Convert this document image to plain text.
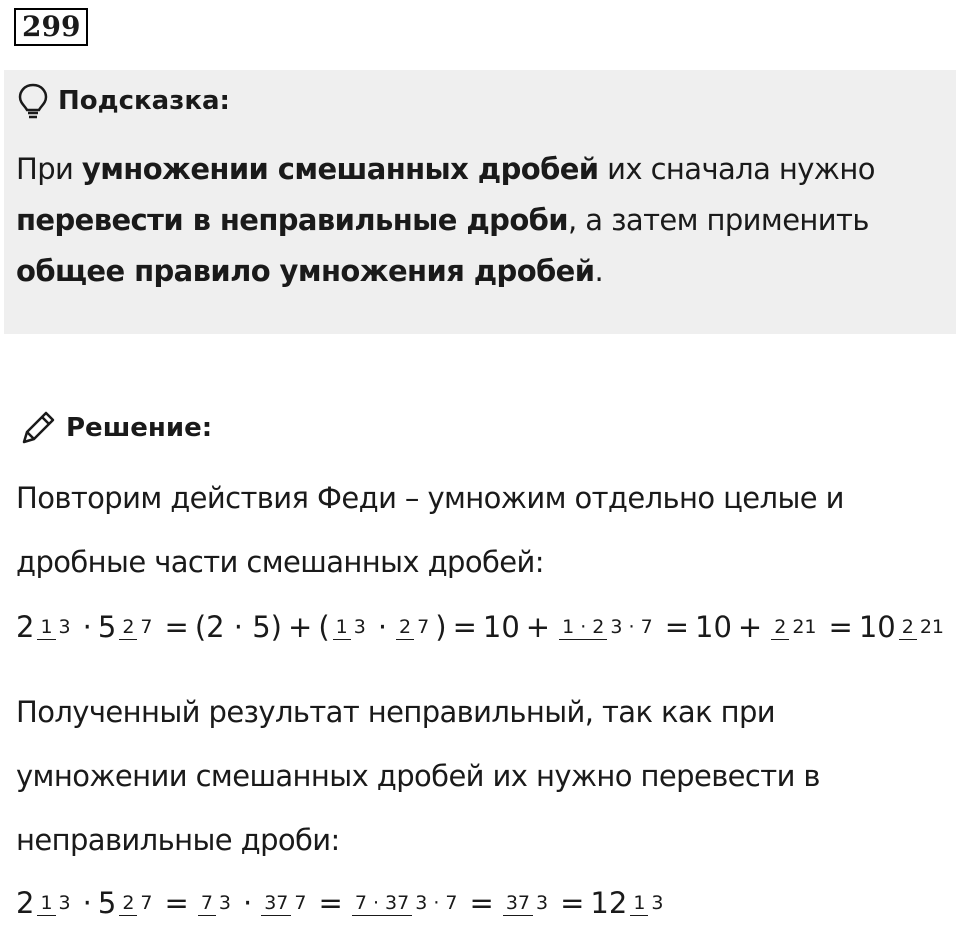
299
Подсказка:
При умножении смешанных дробей их сначала нужно перевести в неправильные дроби, а затем применить общее правило умножения дробей.
Решение:
Повторим действия Феди – умножим отдельно целые и дробные части смешанных дробей:
2 1 3 · 5 2 7 = (2 · 5) + ( 1 3 · 2 7 ) = 10 + 1 · 2 3 · 7 = 10 + 2 21 = 10 2 21
Полученный результат неправильный, так как при умножении смешанных дробей их нужно перевести в неправильные дроби:
2 1 3 · 5 2 7 = 7 3 · 37 7 = 7 · 37 3 · 7 = 37 3 = 12 1 3
